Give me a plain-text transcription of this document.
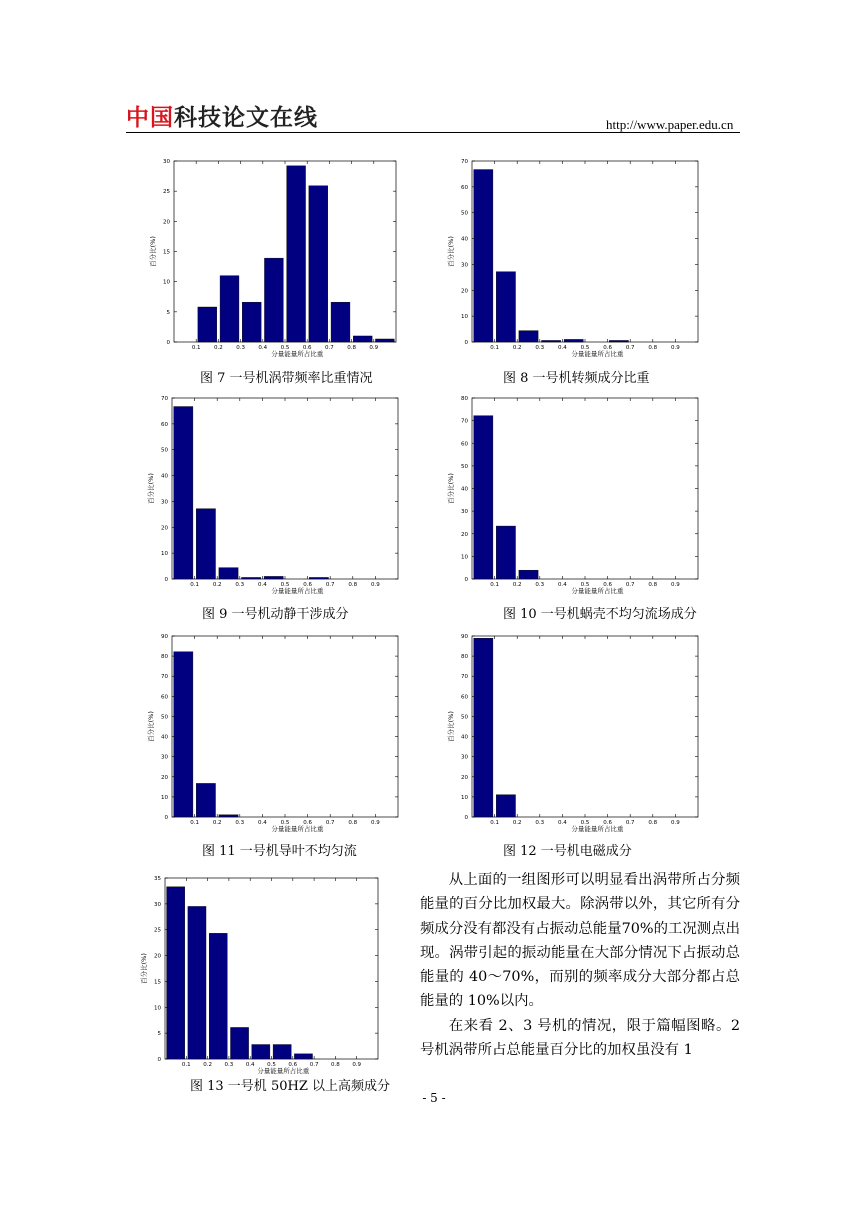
中国科技论文在线	http://www.paper.edu.cn
0
5
10
15
20
25
30
0.1 0.2 0.3 0.4 0.5 0.6 0.7 0.8 0.9
分量能量所占比重
百分比(%)
图 7 一号机涡带频率比重情况
0
10
20
30
40
50
60
70
0.1	0.2	0.3	0.4	0.5	0.6	0.7	0.8	0.9
分量能量所占比重
百分比(%)
图 8 一号机转频成分比重
0
10
20
30
40
50
60
70
0.1	0.2	0.3	0.4	0.5	0.6	0.7	0.8	0.9
分量能量所占比重
百分比(%)
图 9 一号机动静干涉成分
0
10
20
30
40
50
60
70
80
0.1	0.2	0.3	0.4	0.5	0.6	0.7	0.8	0.9
分量能量所占比重
百分比(%)
图 10 一号机蜗壳不均匀流场成分
0
10
20
30
40
50
60
70
80
90
0.1	0.2	0.3	0.4	0.5	0.6	0.7	0.8	0.9
分量能量所占比重
百分比(%)
图 11 一号机导叶不均匀流
0
10
20
30
40
50
60
70
80
90
0.1	0.2	0.3	0.4	0.5	0.6	0.7	0.8	0.9
分量能量所占比重
百分比(%)
图 12 一号机电磁成分
0
5
10
15
20
25
30
35
0.1 0.2 0.3 0.4 0.5 0.6 0.7 0.8 0.9
分量能量所占比重
百分比(%)
图 13 一号机 50HZ 以上高频成分

从上面的一组图形可以明显看出涡带所占分频能量的百分比加权最大。除涡带以外，其它所有分频成分没有都没有占振动总能量70%的工况测点出现。涡带引起的振动能量在大部分情况下占振动总能量的 40～70%，而别的频率成分大部分都占总能量的 10%以内。

在来看 2、3 号机的情况，限于篇幅图略。2 号机涡带所占总能量百分比的加权虽没有 1

- 5 -
